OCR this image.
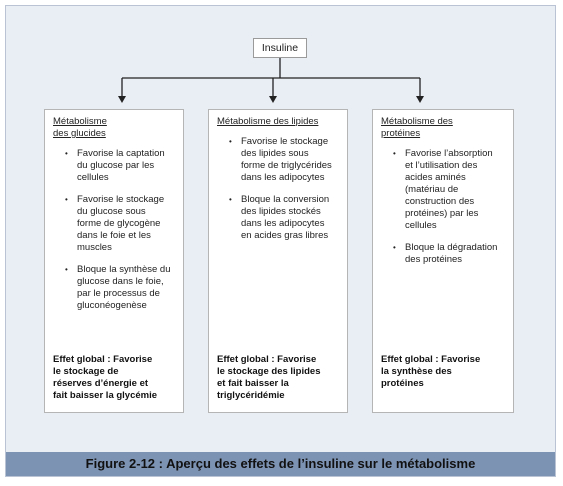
Insuline
Métabolisme
des glucides
• Favorise la captation
du glucose par les
cellules
• Favorise le stockage
du glucose sous
forme de glycogène
dans le foie et les
muscles
• Bloque la synthèse du
glucose dans le foie,
par le processus de
gluconéogenèse
Effet global : Favorise
le stockage de
réserves d’énergie et
fait baisser la glycémie
Métabolisme des lipides
• Favorise le stockage
des lipides sous
forme de triglycérides
dans les adipocytes
• Bloque la conversion
des lipides stockés
dans les adipocytes
en acides gras libres
Effet global : Favorise
le stockage des lipides
et fait baisser la
triglycéridémie
Métabolisme des
protéines
• Favorise l’absorption
et l’utilisation des
acides aminés
(matériau de
construction des
protéines) par les
cellules
• Bloque la dégradation
des protéines
Effet global : Favorise
la synthèse des
protéines
Figure 2-12 : Aperçu des effets de l’insuline sur le métabolisme
